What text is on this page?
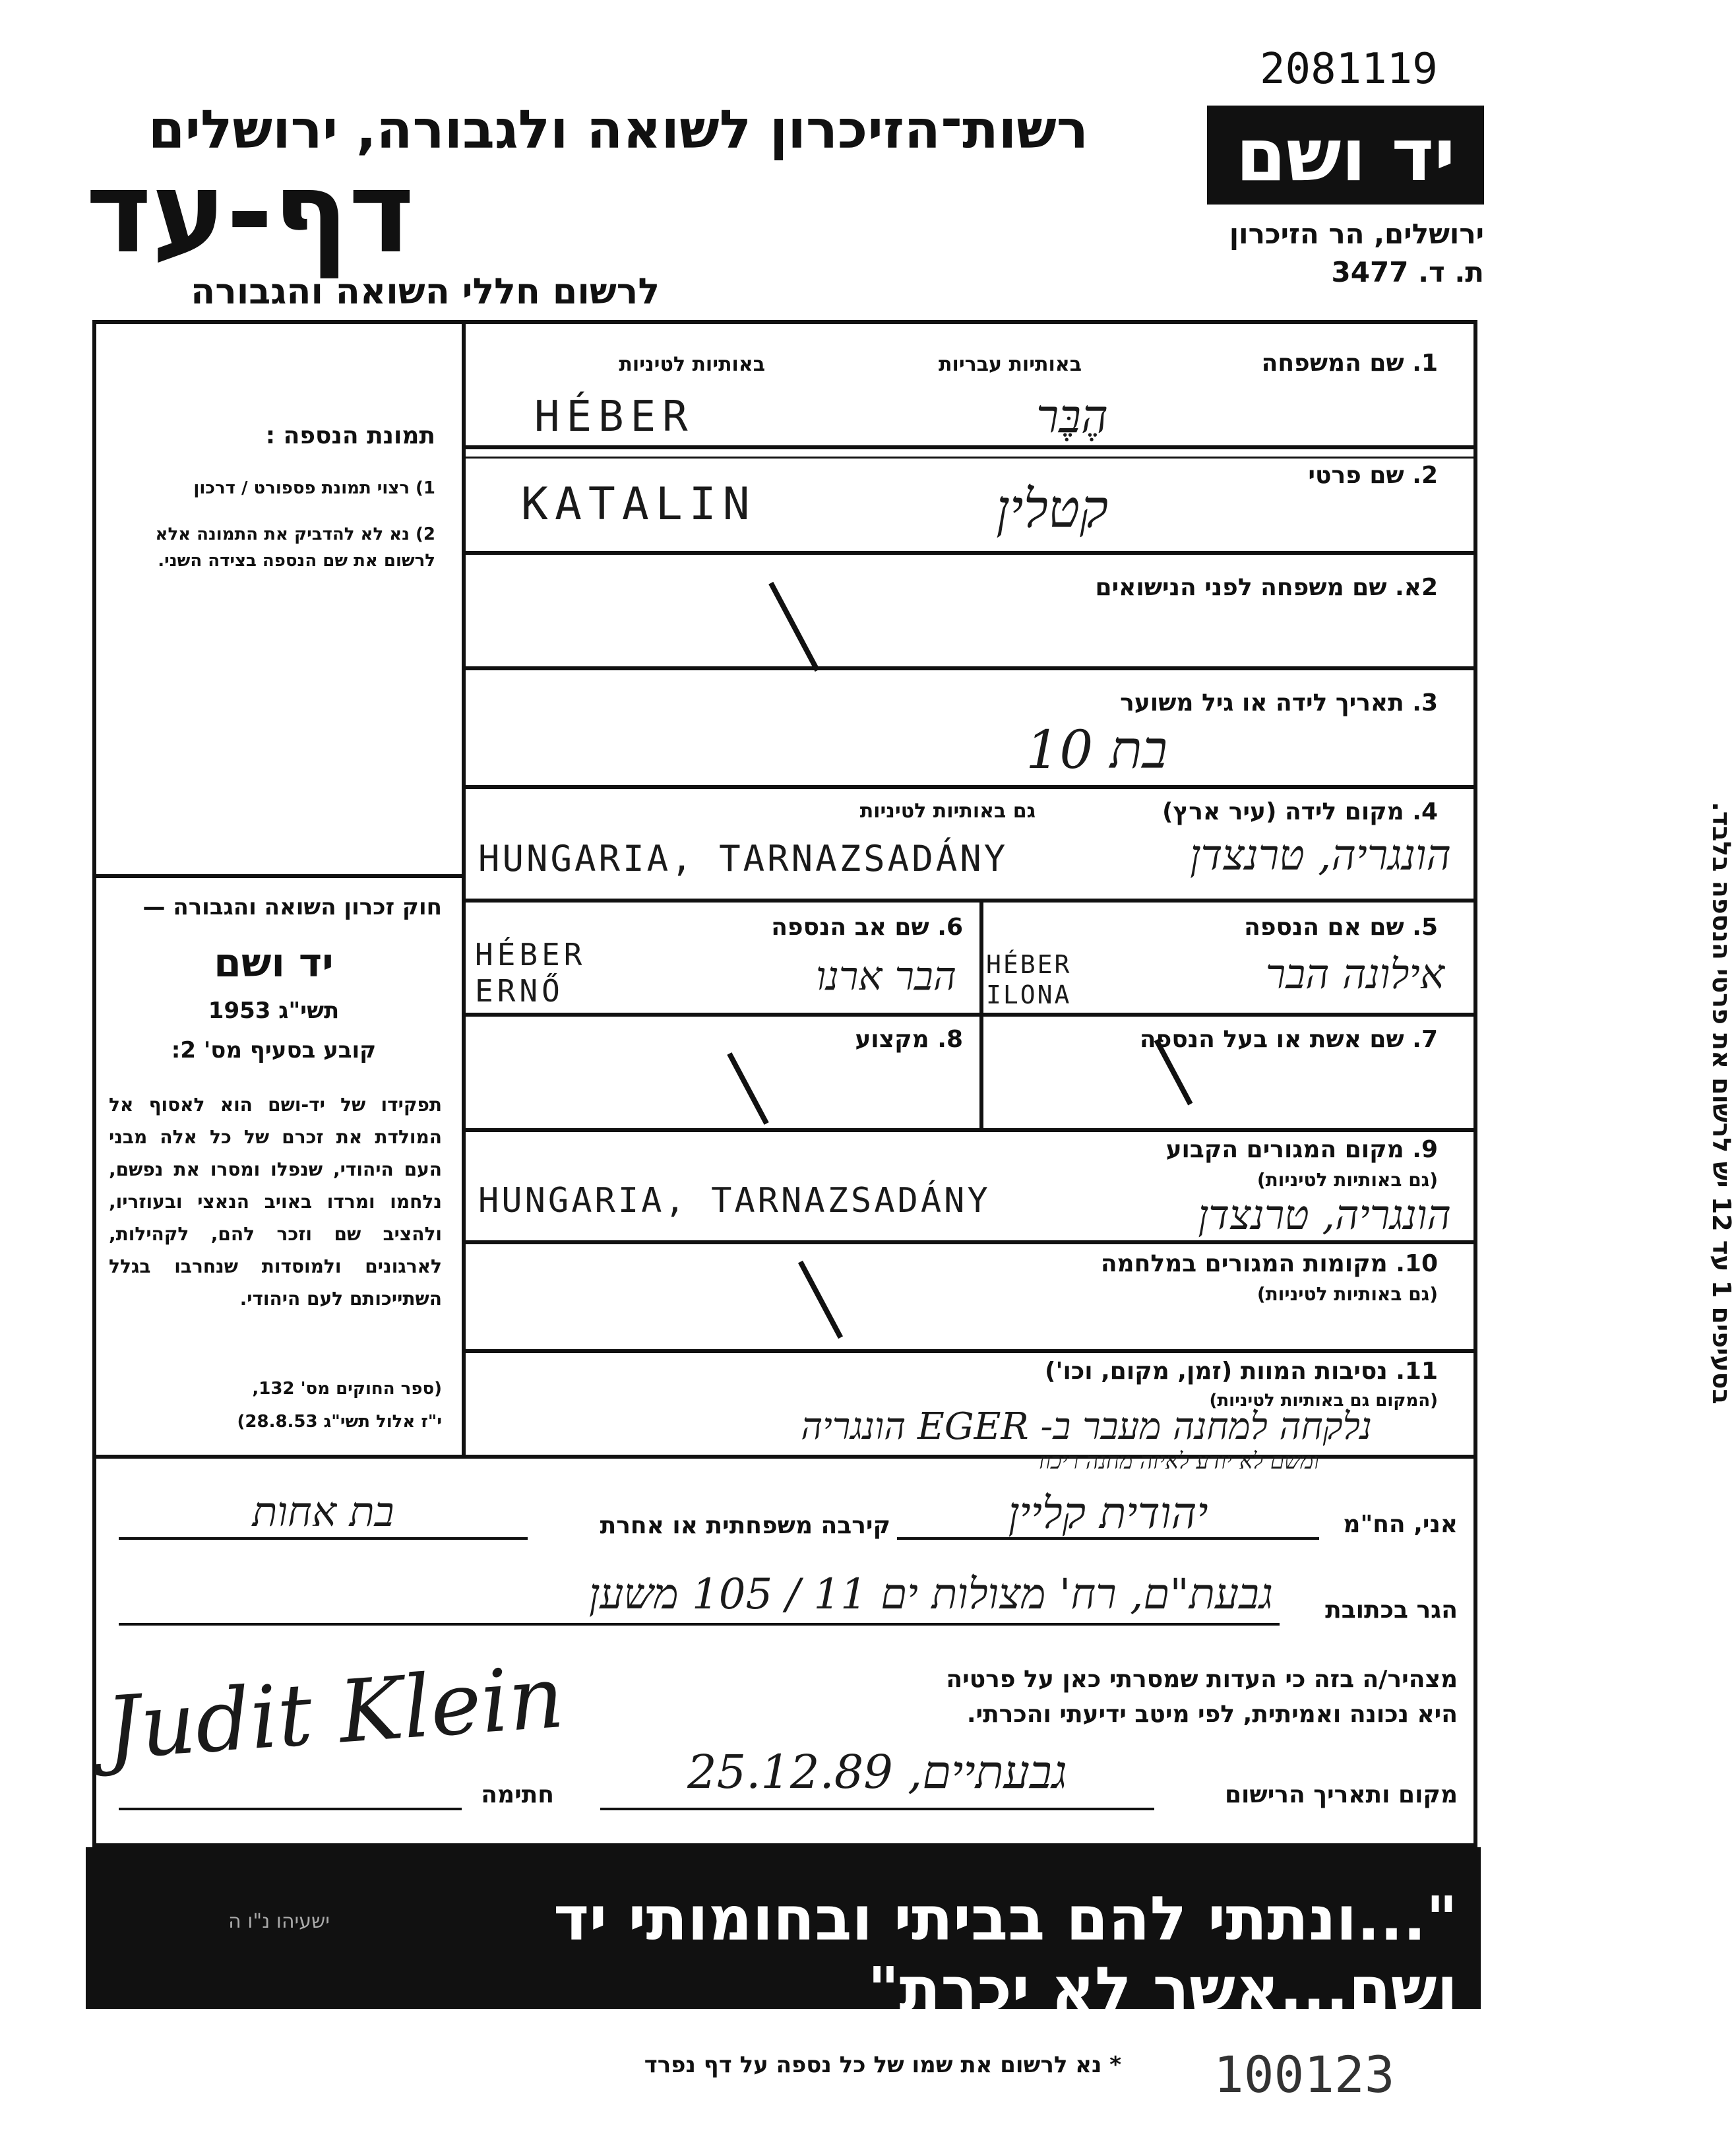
2081119
יד ושם
ירושלים, הר הזיכרון
ת. ד. 3477
רשות־הזיכרון לשואה ולגבורה, ירושלים
דף-עד
לרשום חללי השואה והגבורה
תמונת הנספה :
1) רצוי תמונת פספורט / דרכון
2) נא לא להדביק את התמונה אלא לרשום את שם הנספה בצידה השני.
חוק זכרון השואה והגבורה —
יד ושם
תשי"ג 1953
קובע בסעיף מס' 2:
תפקידו של יד-ושם הוא לאסוף אל המולדת את זכרם של כל אלה מבני העם היהודי, שנפלו ומסרו את נפשם, נלחמו ומרדו באויב הנאצי ובעוזריו, ולהציב שם וזכר להם, לקהילות, לארגונים ולמוסדות שנחרבו בגלל השתייכותם לעם היהודי.
(ספר החוקים מס' 132,
י"ז אלול תשי"ג 28.8.53)
1. שם המשפחה
באותיות עבריות
באותיות לטיניות
הֶבֶּר
HÉBER
2. שם פרטי
קטלין
KATALIN
2א. שם משפחה לפני הנישואים
3. תאריך לידה או גיל משוער
בת 10
4. מקום לידה (עיר ארץ)
גם באותיות לטיניות
הונגריה, טרנצדן
HUNGARIA, TARNAZSADÁNY
5. שם אם הנספה
אילונה הבר
HÉBER ILONA
6. שם אב הנספה
הבר ארנו
HÉBER ERNŐ
7. שם אשת או בעל הנספה
8. מקצוע
9. מקום המגורים הקבוע
(גם באותיות לטיניות)
HUNGARIA, TARNAZSADÁNY	הונגריה, טרנצדן
10. מקומות המגורים במלחמה
(גם באותיות לטיניות)
11. נסיבות המוות (זמן, מקום, וכו')
(המקום גם באותיות לטיניות)
נלקחה למחנה מעבר ב- EGER הונגריה
ומשם לא יודע לאיזה מחנה ריכוז
אני, הח"מ
יהודית קליין
קירבה משפחתית או אחרת
בת אחות
הגר בכתובת
גבעת"ם, רח' מצולות ים 11 / 105 משען
מצהיר/ה בזה כי העדות שמסרתי כאן על פרטיה
היא נכונה ואמיתית, לפי מיטב ידיעתי והכרתי.
Judit Klein
חתימה	מקום ותאריך הרישום
גבעתיים, 25.12.89
בסעיפים 1 עד 12 יש לרשום את פרטי הנספה בלבד.
"...ונתתי להם בביתי ובחומותי יד ושם...אשר לא יכרת"
ישעיהו נ"ו ה
* נא לרשום את שמו של כל נספה על דף נפרד 100123
